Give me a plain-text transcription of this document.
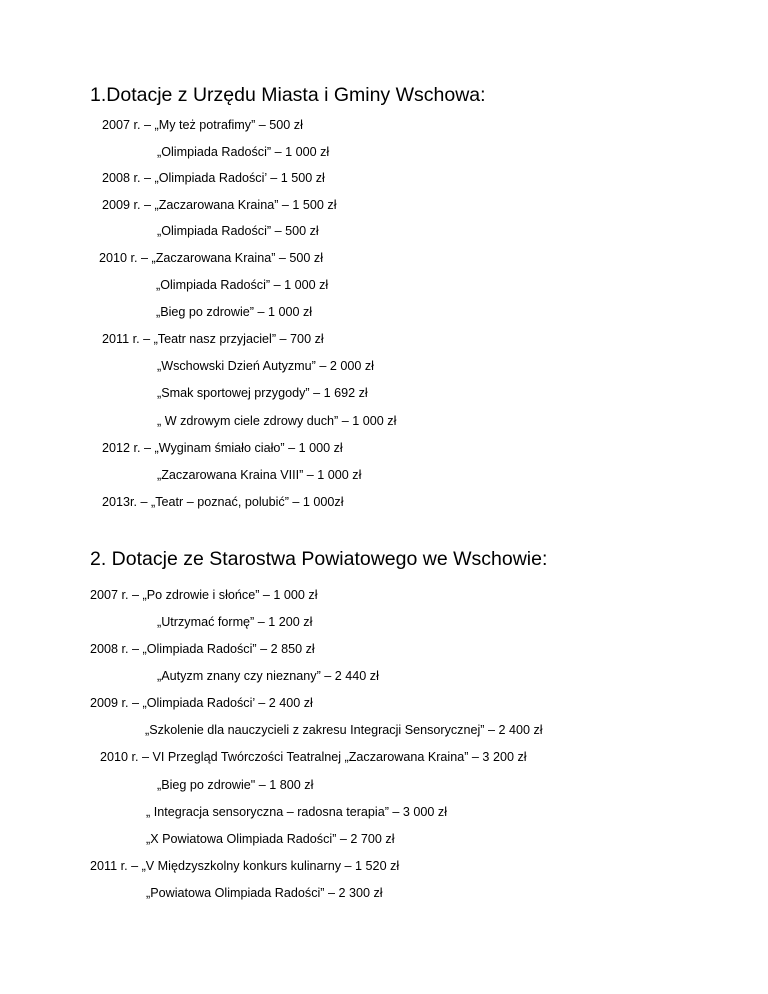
1.Dotacje z Urzędu Miasta i Gminy Wschowa:

2007 r. – „My też potrafimy” – 500 zł

„Olimpiada Radości” – 1 000 zł

2008 r. – „Olimpiada Radości’ – 1 500 zł

2009 r. – „Zaczarowana Kraina” – 1 500 zł

„Olimpiada Radości” – 500 zł

2010 r. – „Zaczarowana Kraina” – 500 zł

„Olimpiada Radości” – 1 000 zł

„Bieg po zdrowie” – 1 000 zł

2011 r. – „Teatr nasz przyjaciel” – 700 zł

„Wschowski Dzień Autyzmu” – 2 000 zł

„Smak sportowej przygody” – 1 692 zł

„ W zdrowym ciele zdrowy duch” – 1 000 zł

2012 r. – „Wyginam śmiało ciało” – 1 000 zł

„Zaczarowana Kraina VIII” – 1 000 zł

2013r. – „Teatr – poznać, polubić” – 1 000zł

2. Dotacje ze Starostwa Powiatowego we Wschowie:

2007 r. – „Po zdrowie i słońce” – 1 000 zł

„Utrzymać formę” – 1 200 zł

2008 r. – „Olimpiada Radości” – 2 850 zł

„Autyzm znany czy nieznany” – 2 440 zł

2009 r. – „Olimpiada Radości’ – 2 400 zł

„Szkolenie dla nauczycieli z zakresu Integracji Sensorycznej” – 2 400 zł

2010 r. – VI Przegląd Twórczości Teatralnej „Zaczarowana Kraina” – 3 200 zł

„Bieg po zdrowie" – 1 800 zł

„ Integracja sensoryczna – radosna terapia” – 3 000 zł

„X Powiatowa Olimpiada Radości” – 2 700 zł

2011 r. – „V Międzyszkolny konkurs kulinarny – 1 520 zł

„Powiatowa Olimpiada Radości” – 2 300 zł
